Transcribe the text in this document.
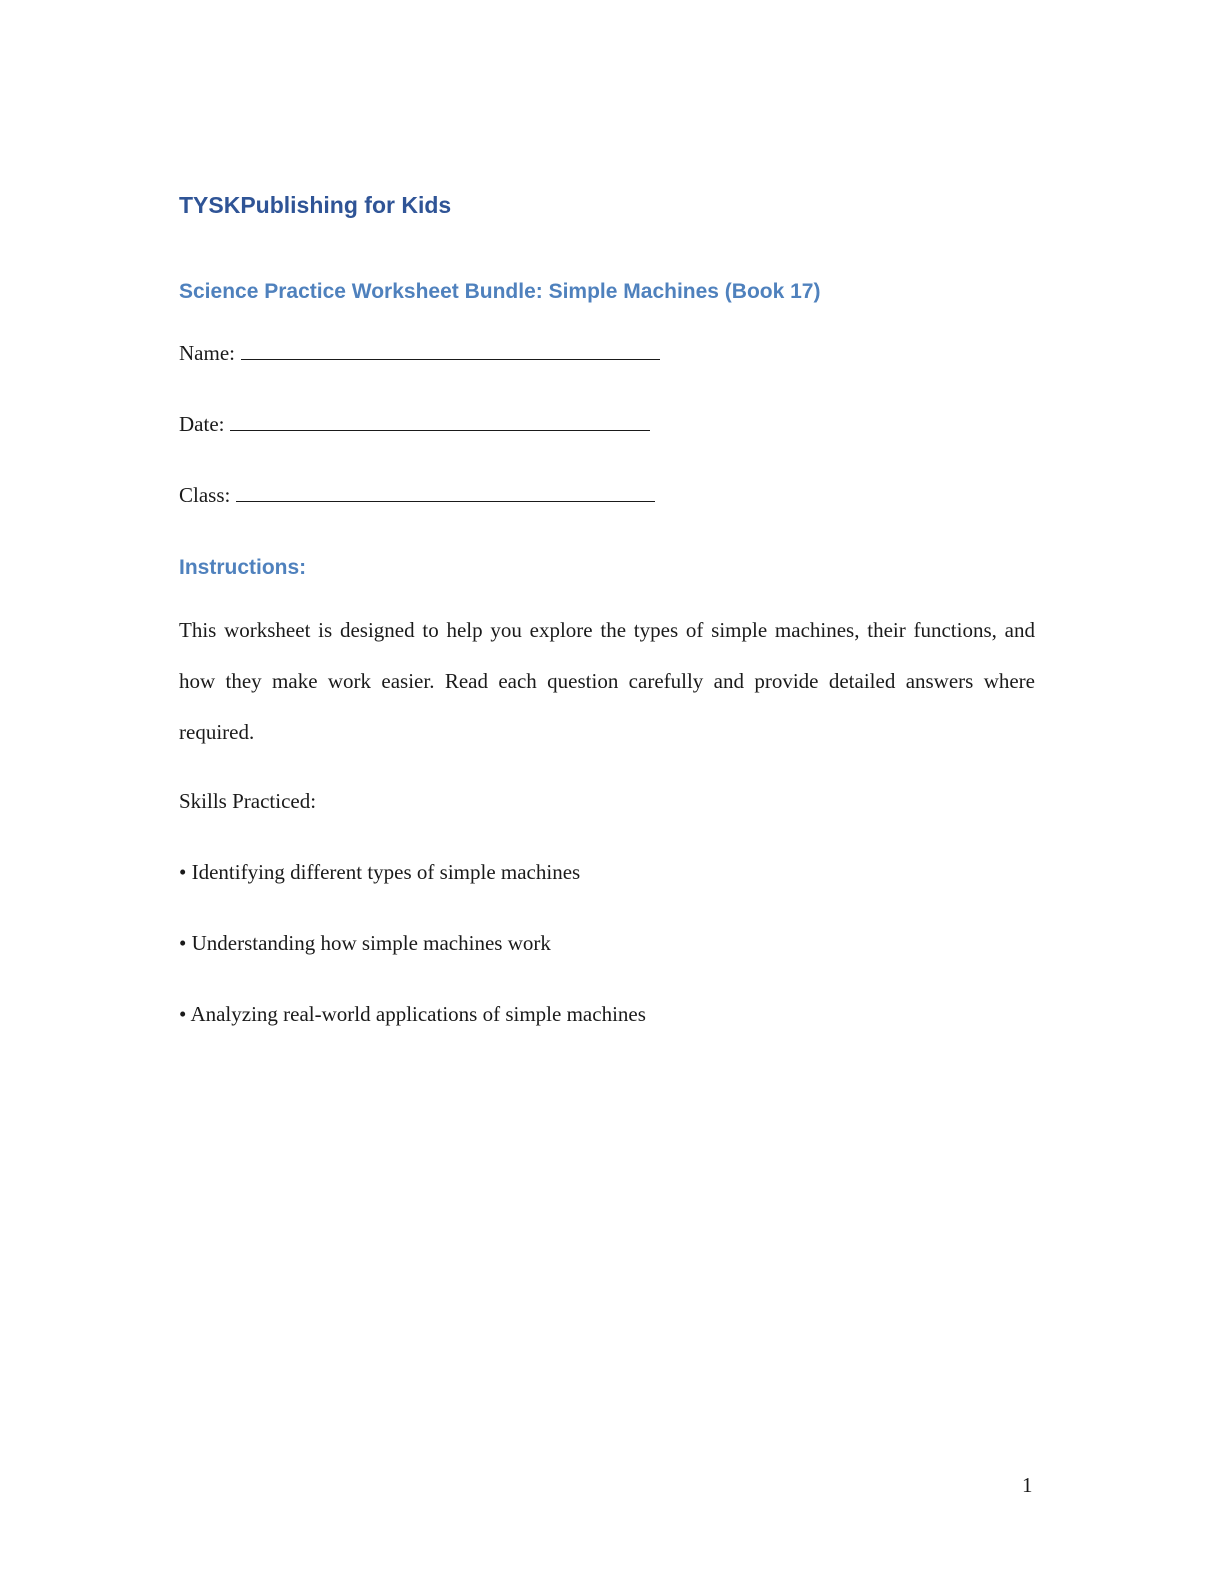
TYSKPublishing for Kids
Science Practice Worksheet Bundle: Simple Machines (Book 17)
Name:
Date:
Class:
Instructions:
This worksheet is designed to help you explore the types of simple machines, their functions, and how they make work easier. Read each question carefully and provide detailed answers where required.
Skills Practiced:
• Identifying different types of simple machines
• Understanding how simple machines work
• Analyzing real-world applications of simple machines
1
